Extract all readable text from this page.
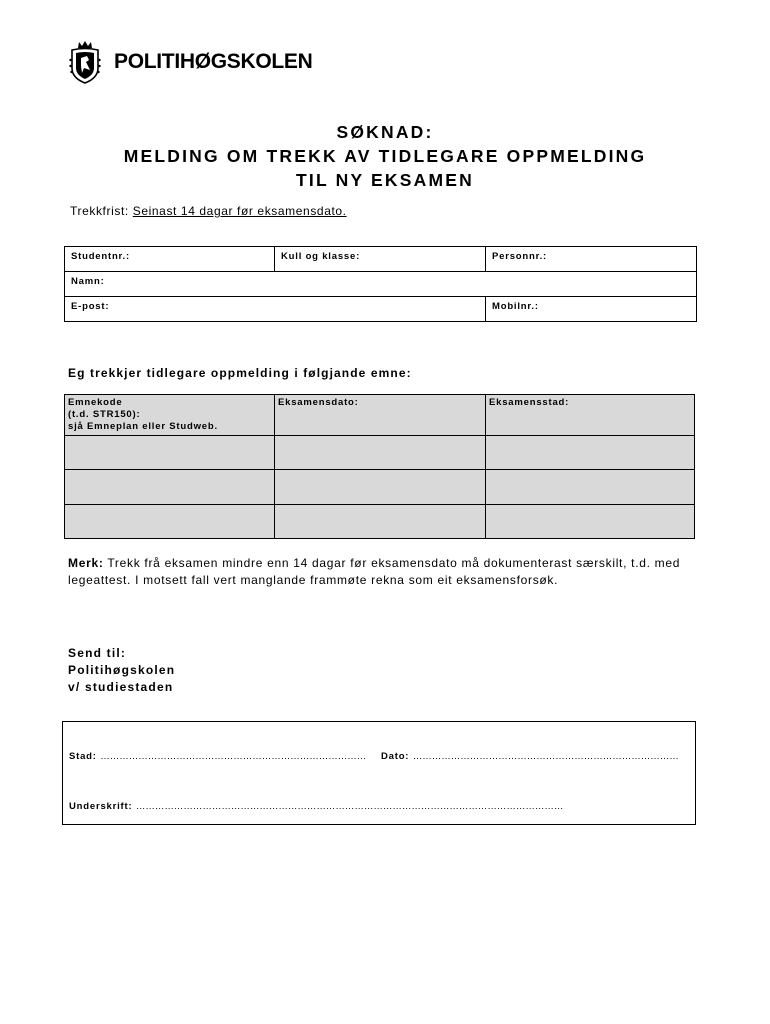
POLITIHØGSKOLEN
SØKNAD:
MELDING OM TREKK AV TIDLEGARE OPPMELDING
TIL NY EKSAMEN
Trekkfrist: Seinast 14 dagar før eksamensdato.
Studentnr.:	Kull og klasse:	Personnr.:
Namn:
E-post:	Mobilnr.:
Eg trekkjer tidlegare oppmelding i følgjande emne:
Emnekode
(t.d. STR150):
sjå Emneplan eller Studweb.	Eksamensdato:	Eksamensstad:

Merk: Trekk frå eksamen mindre enn 14 dagar før eksamensdato må dokumenterast særskilt, t.d. med legeattest. I motsett fall vert manglande frammøte rekna som eit eksamensforsøk.
Send til:
Politihøgskolen
v/ studiestaden
Stad: ………………………………………………………………………… Dato: …………………………………………………………………………
Underskrift: ………………………………………………………………………………………………………………………
